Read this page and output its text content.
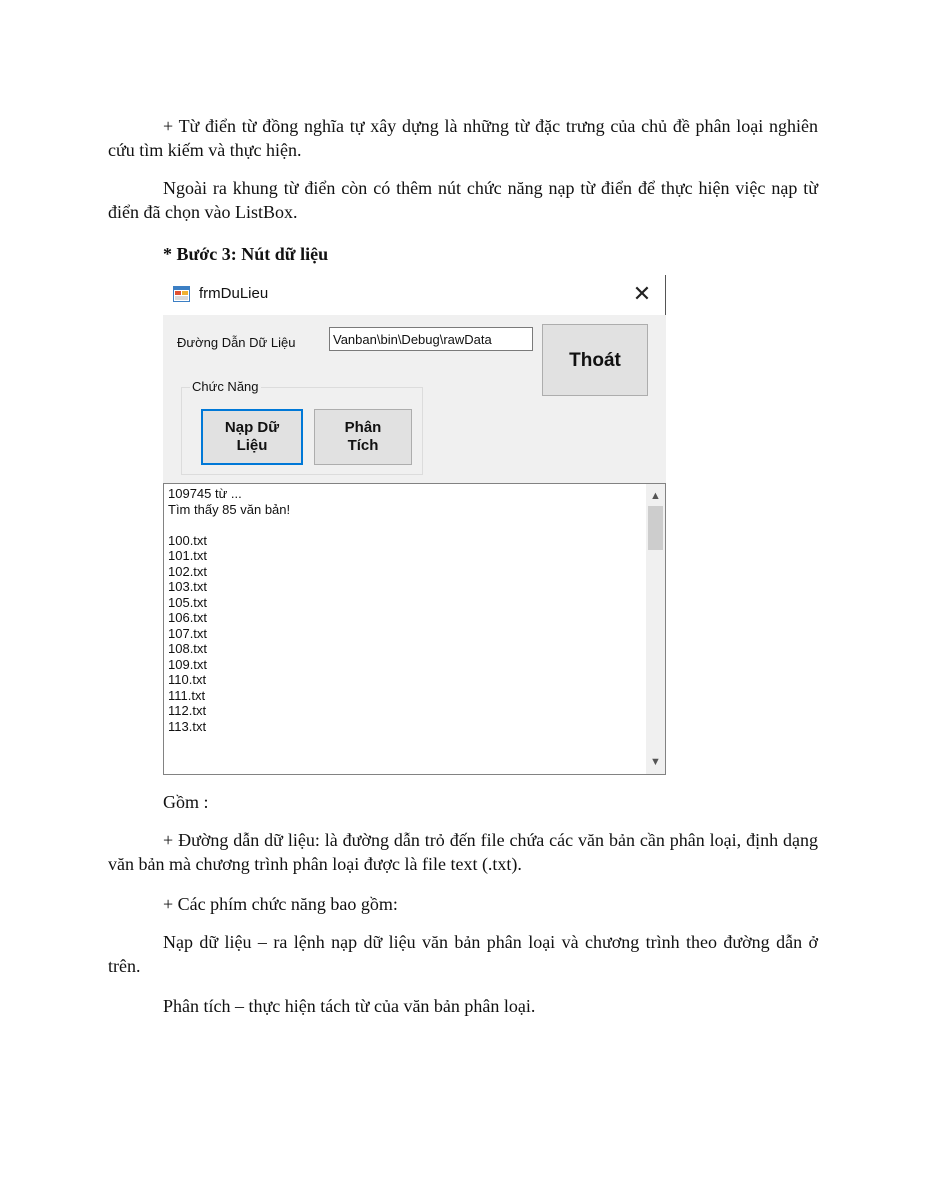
+ Từ điển từ đồng nghĩa tự xây dựng là những từ đặc trưng của chủ đề phân loại nghiên cứu tìm kiếm và thực hiện.

Ngoài ra khung từ điển còn có thêm nút chức năng nạp từ điển để thực hiện việc nạp từ điển đã chọn vào ListBox.

* Bước 3: Nút dữ liệu

frmDuLieu	✕
Đường Dẫn Dữ Liệu	Vanban\bin\Debug\rawData
Thoát
Chức Năng
Nạp Dữ
Liệu
Phân
Tích
109745 từ ...
Tìm thấy 85 văn bản!
100.txt
101.txt
102.txt
103.txt
105.txt
106.txt
107.txt
108.txt
109.txt
110.txt
111.txt
112.txt
113.txt
▲
▼

Gồm :

+ Đường dẫn dữ liệu: là đường dẫn trỏ đến file chứa các văn bản cần phân loại, định dạng văn bản mà chương trình phân loại được là file text (.txt).

+ Các phím chức năng bao gồm:

Nạp dữ liệu – ra lệnh nạp dữ liệu văn bản phân loại và chương trình theo đường dẫn ở trên.

Phân tích – thực hiện tách từ của văn bản phân loại.
